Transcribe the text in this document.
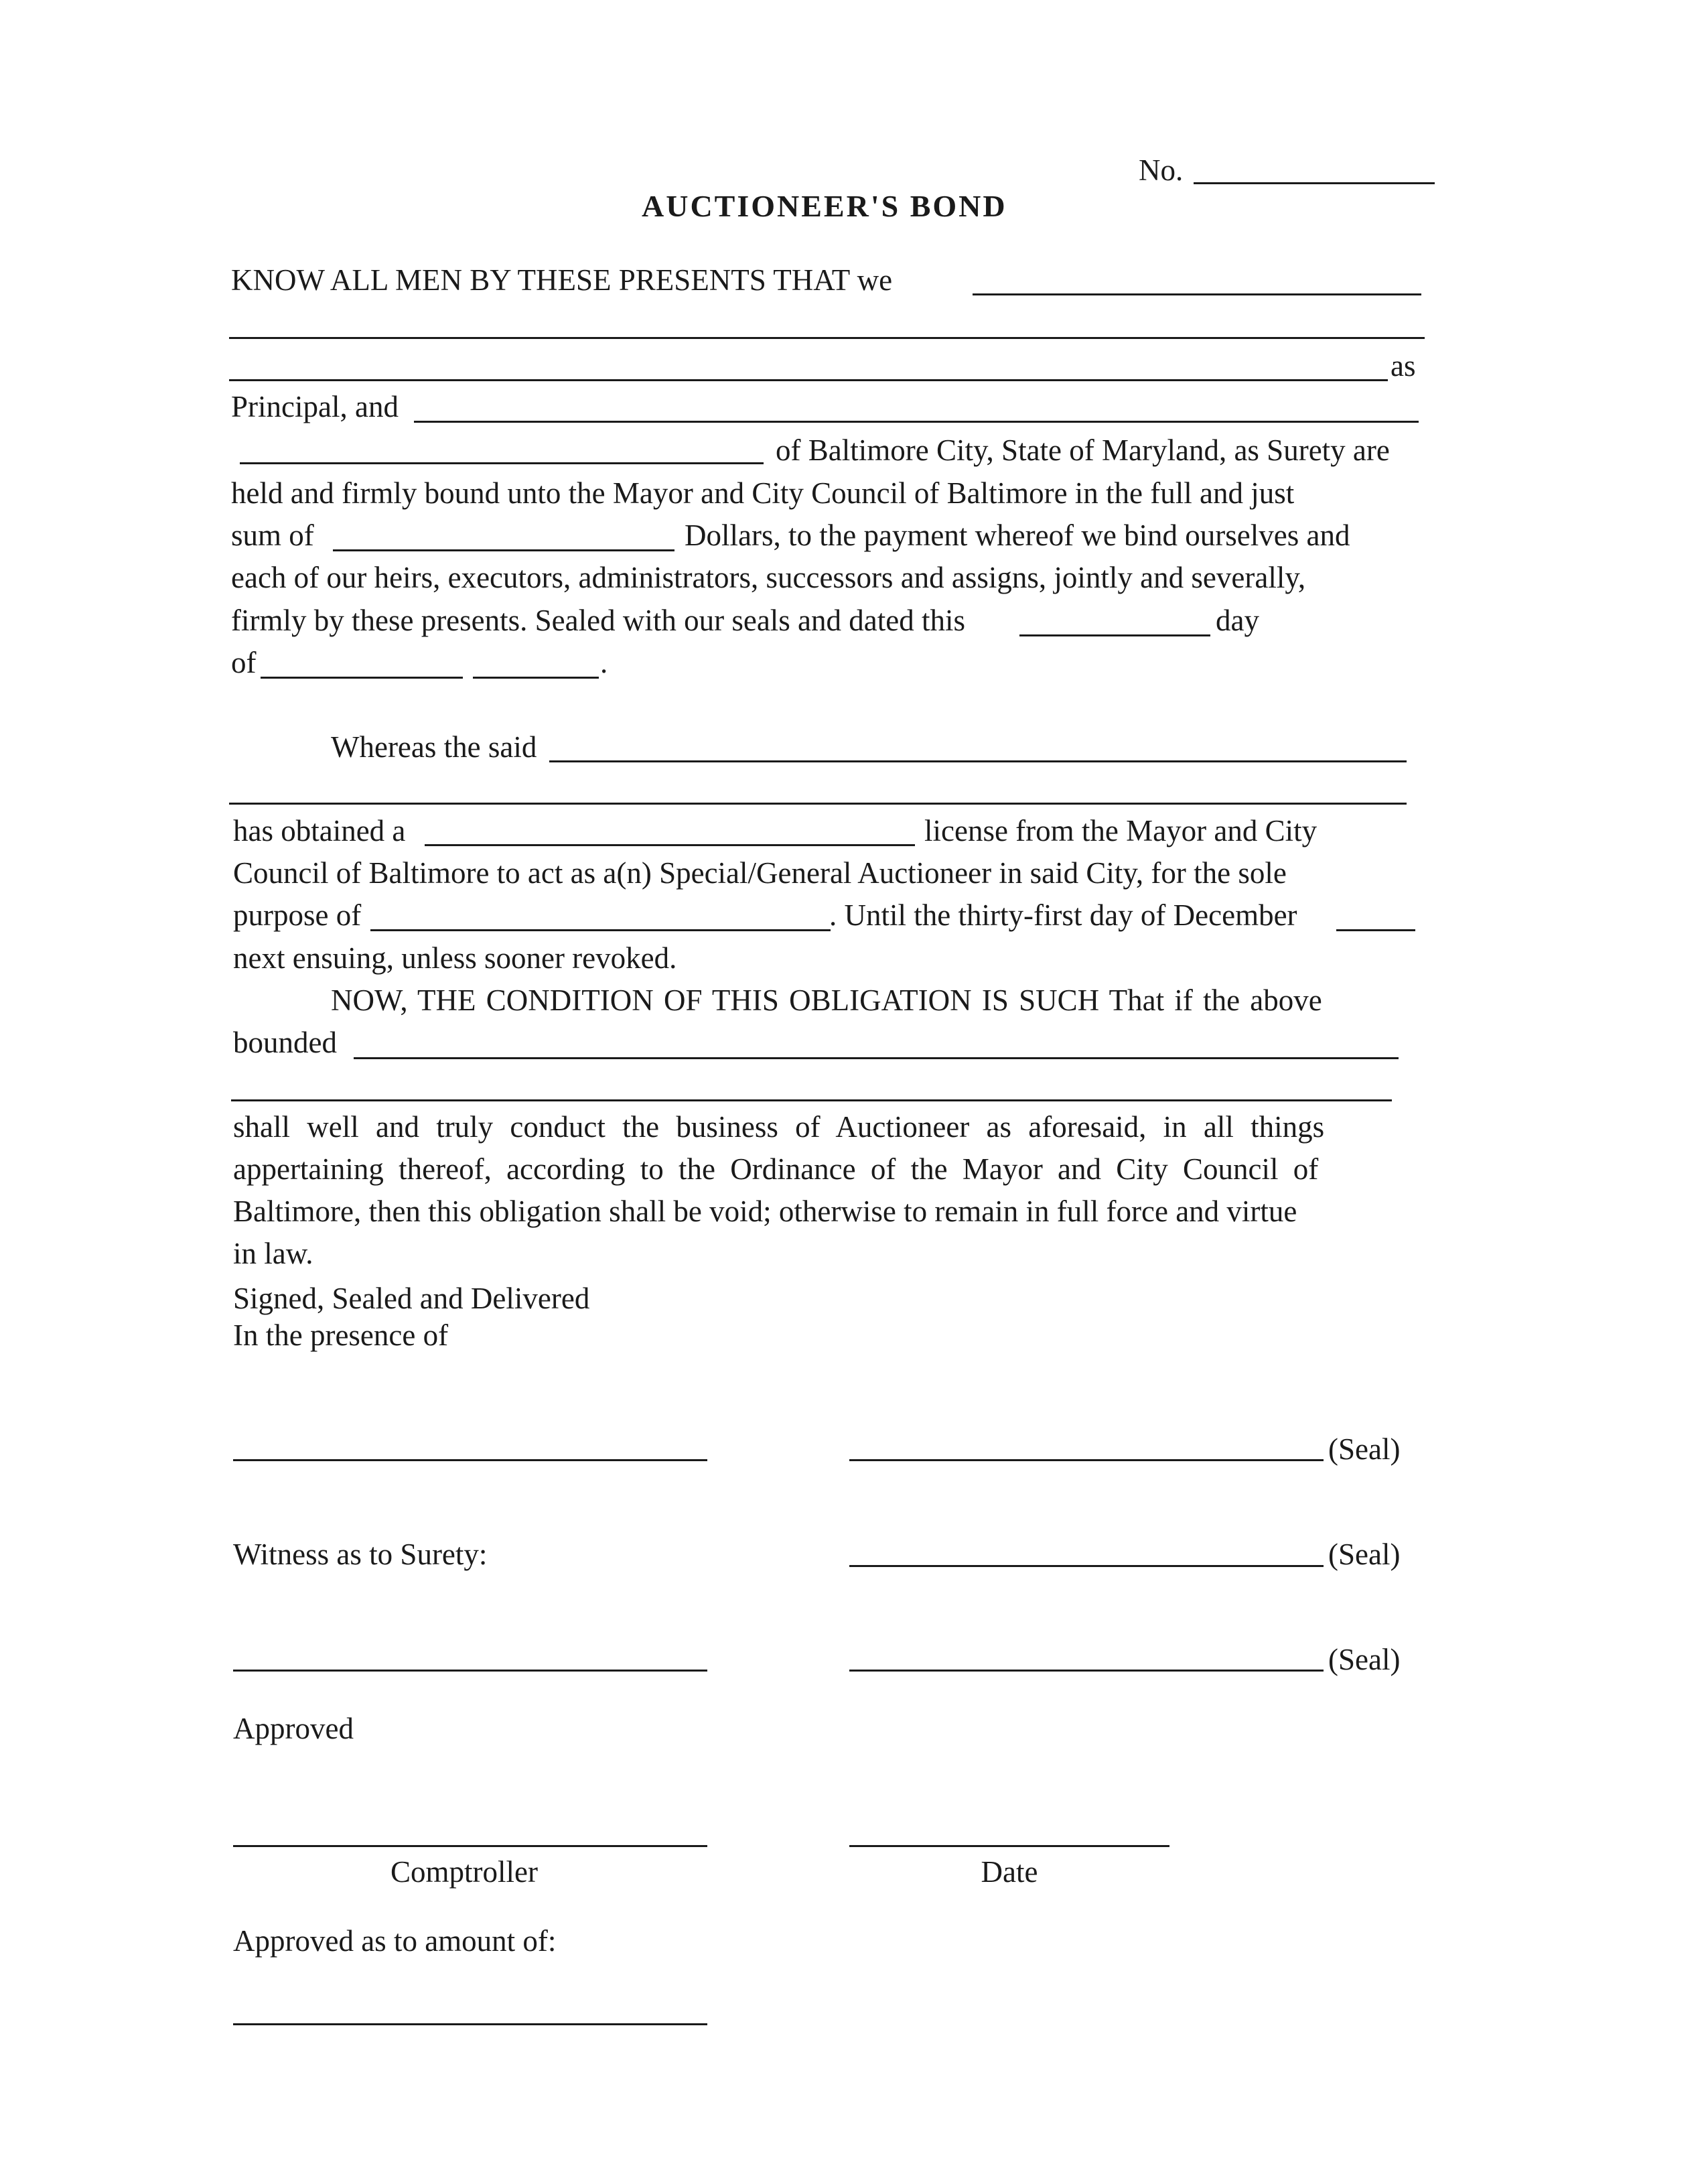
No.
AUCTIONEER'S BOND
KNOW ALL MEN BY THESE PRESENTS THAT we
as
Principal, and
of Baltimore City, State of Maryland, as Surety are
held and firmly bound unto the Mayor and City Council of Baltimore in the full and just
sum of	Dollars, to the payment whereof we bind ourselves and
each of our heirs, executors, administrators, successors and assigns, jointly and severally,
firmly by these presents. Sealed with our seals and dated this	day
of	.
Whereas the said
has obtained a	license from the Mayor and City
Council of Baltimore to act as a(n) Special/General Auctioneer in said City, for the sole
purpose of	. Until the thirty-first day of December
next ensuing, unless sooner revoked.
NOW, THE CONDITION OF THIS OBLIGATION IS SUCH That if the above
bounded
shall well and truly conduct the business of Auctioneer as aforesaid, in all things
appertaining thereof, according to the Ordinance of the Mayor and City Council of
Baltimore, then this obligation shall be void; otherwise to remain in full force and virtue
in law.
Signed, Sealed and Delivered
In the presence of
(Seal)
Witness as to Surety:	(Seal)
(Seal)
Approved
Comptroller	Date
Approved as to amount of:
